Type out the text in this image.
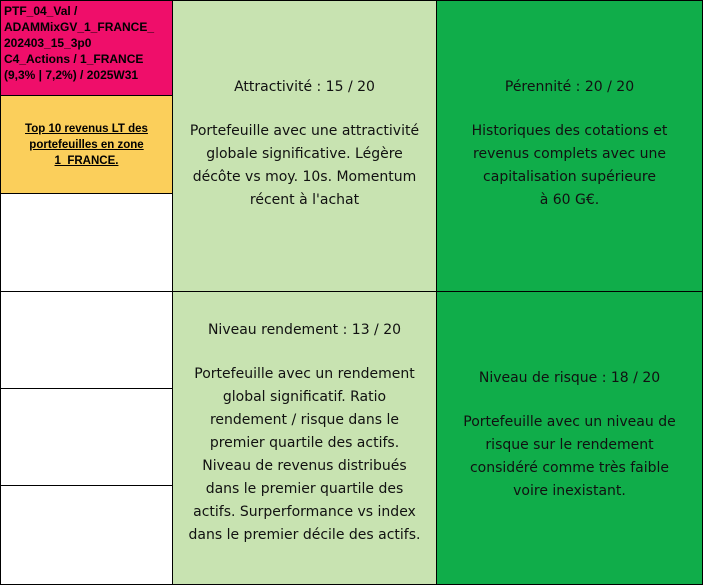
PTF_04_Val /
ADAMMixGV_1_FRANCE_
202403_15_3p0
C4_Actions / 1_FRANCE
(9,3% | 7,2%) / 2025W31
Top 10 revenus LT des
portefeuilles en zone
1_FRANCE.
Attractivité : 15 / 20
Portefeuille avec une attractivité
globale significative. Légère
décôte vs moy. 10s. Momentum
récent à l'achat
Pérennité : 20 / 20
Historiques des cotations et
revenus complets avec une
capitalisation supérieure
à 60 G€.
Niveau rendement : 13 / 20
Portefeuille avec un rendement
global significatif. Ratio
rendement / risque dans le
premier quartile des actifs.
Niveau de revenus distribués
dans le premier quartile des
actifs. Surperformance vs index
dans le premier décile des actifs.
Niveau de risque : 18 / 20
Portefeuille avec un niveau de
risque sur le rendement
considéré comme très faible
voire inexistant.
